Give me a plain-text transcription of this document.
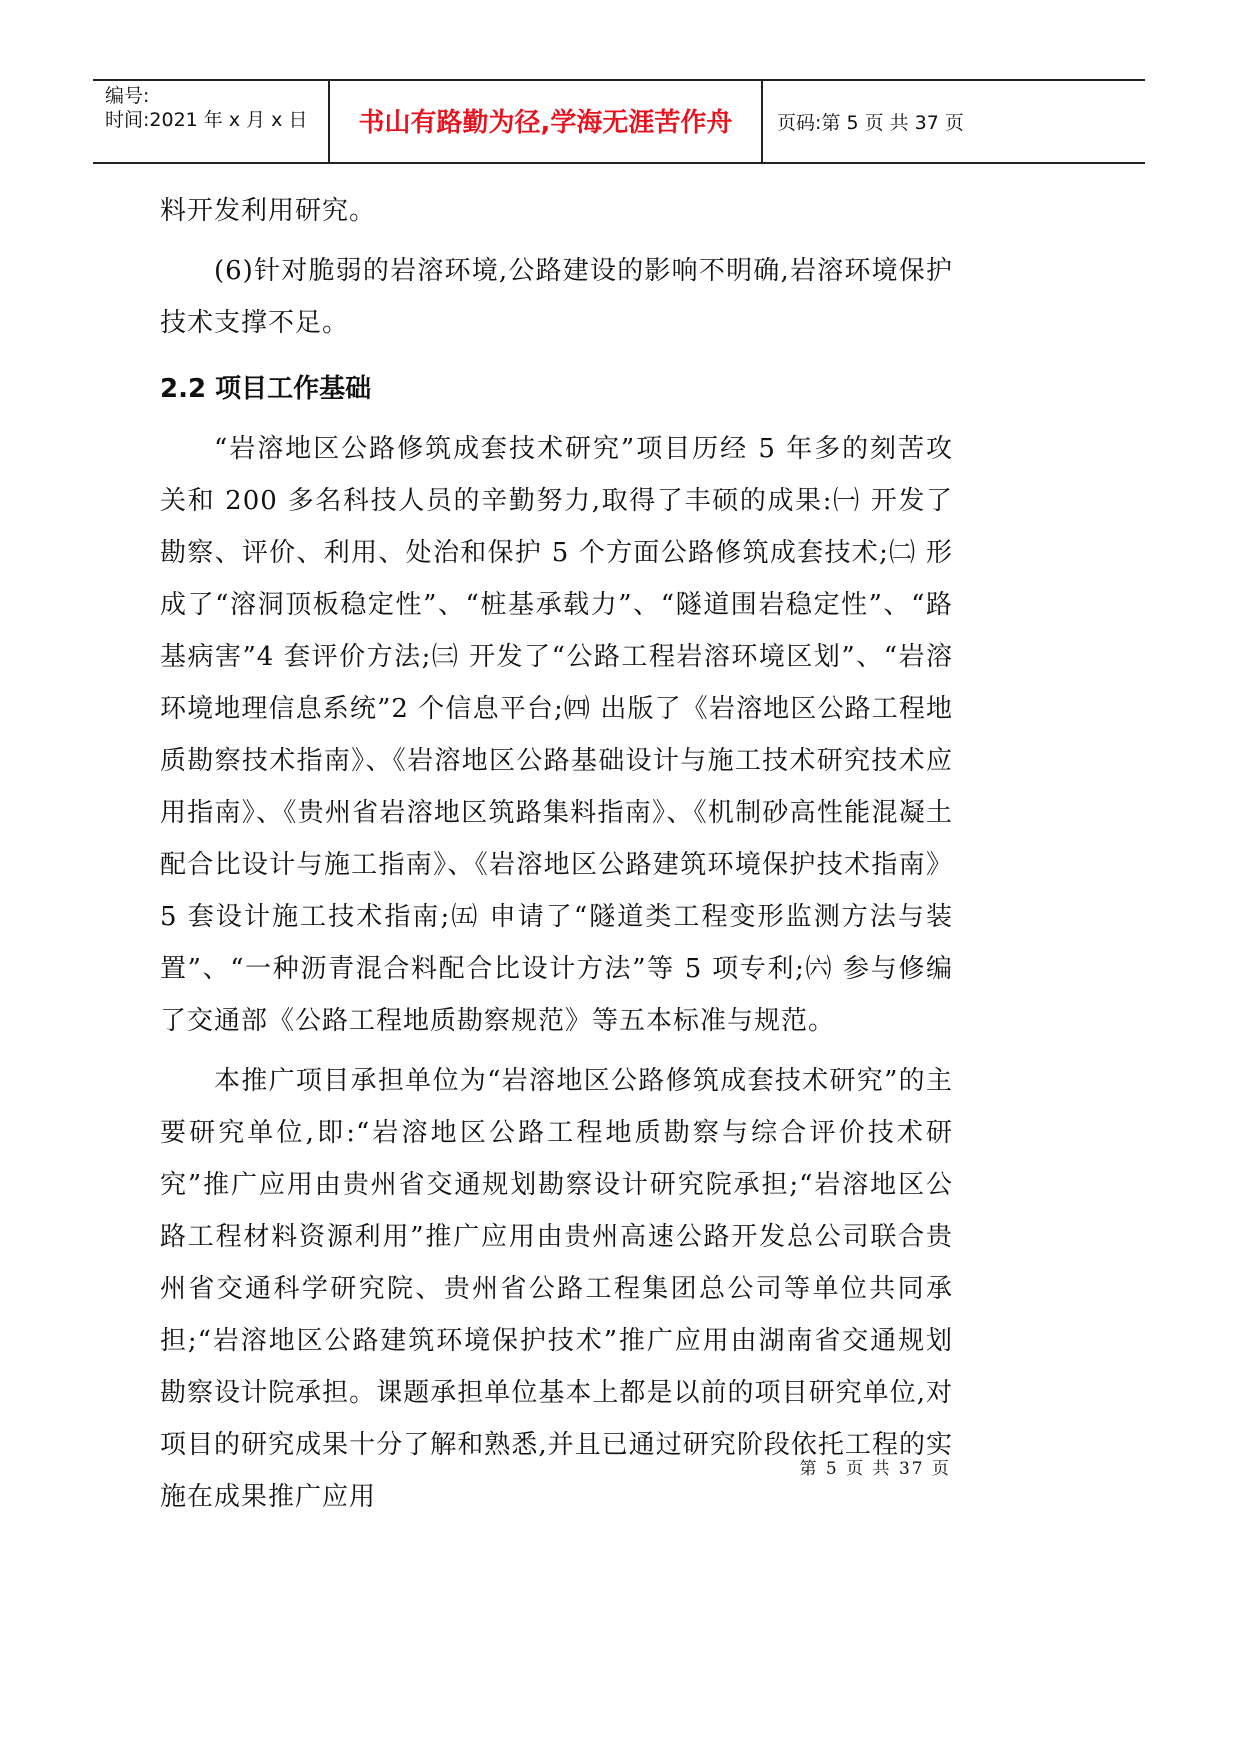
编号:
时间:2021 年 x 月 x 日	书山有路勤为径,学海无涯苦作舟	页码:第 5 页 共 37 页

料开发利用研究。

(6)针对脆弱的岩溶环境,公路建设的影响不明确,岩溶环境保护技术支撑不足。

2.2 项目工作基础

“岩溶地区公路修筑成套技术研究”项目历经 5 年多的刻苦攻关和 200 多名科技人员的辛勤努力,取得了丰硕的成果:㈠ 开发了勘察、评价、利用、处治和保护 5 个方面公路修筑成套技术;㈡ 形成了“溶洞顶板稳定性”、“桩基承载力”、“隧道围岩稳定性”、“路基病害”4 套评价方法;㈢ 开发了“公路工程岩溶环境区划”、“岩溶环境地理信息系统”2 个信息平台;㈣ 出版了《岩溶地区公路工程地质勘察技术指南》、《岩溶地区公路基础设计与施工技术研究技术应用指南》、《贵州省岩溶地区筑路集料指南》、《机制砂高性能混凝土配合比设计与施工指南》、《岩溶地区公路建筑环境保护技术指南》5 套设计施工技术指南;㈤ 申请了“隧道类工程变形监测方法与装置”、“一种沥青混合料配合比设计方法”等 5 项专利;㈥ 参与修编了交通部《公路工程地质勘察规范》等五本标准与规范。

本推广项目承担单位为“岩溶地区公路修筑成套技术研究”的主要研究单位,即:“岩溶地区公路工程地质勘察与综合评价技术研究”推广应用由贵州省交通规划勘察设计研究院承担;“岩溶地区公路工程材料资源利用”推广应用由贵州高速公路开发总公司联合贵州省交通科学研究院、贵州省公路工程集团总公司等单位共同承担;“岩溶地区公路建筑环境保护技术”推广应用由湖南省交通规划勘察设计院承担。课题承担单位基本上都是以前的项目研究单位,对项目的研究成果十分了解和熟悉,并且已通过研究阶段依托工程的实施在成果推广应用

第 5 页 共 37 页
